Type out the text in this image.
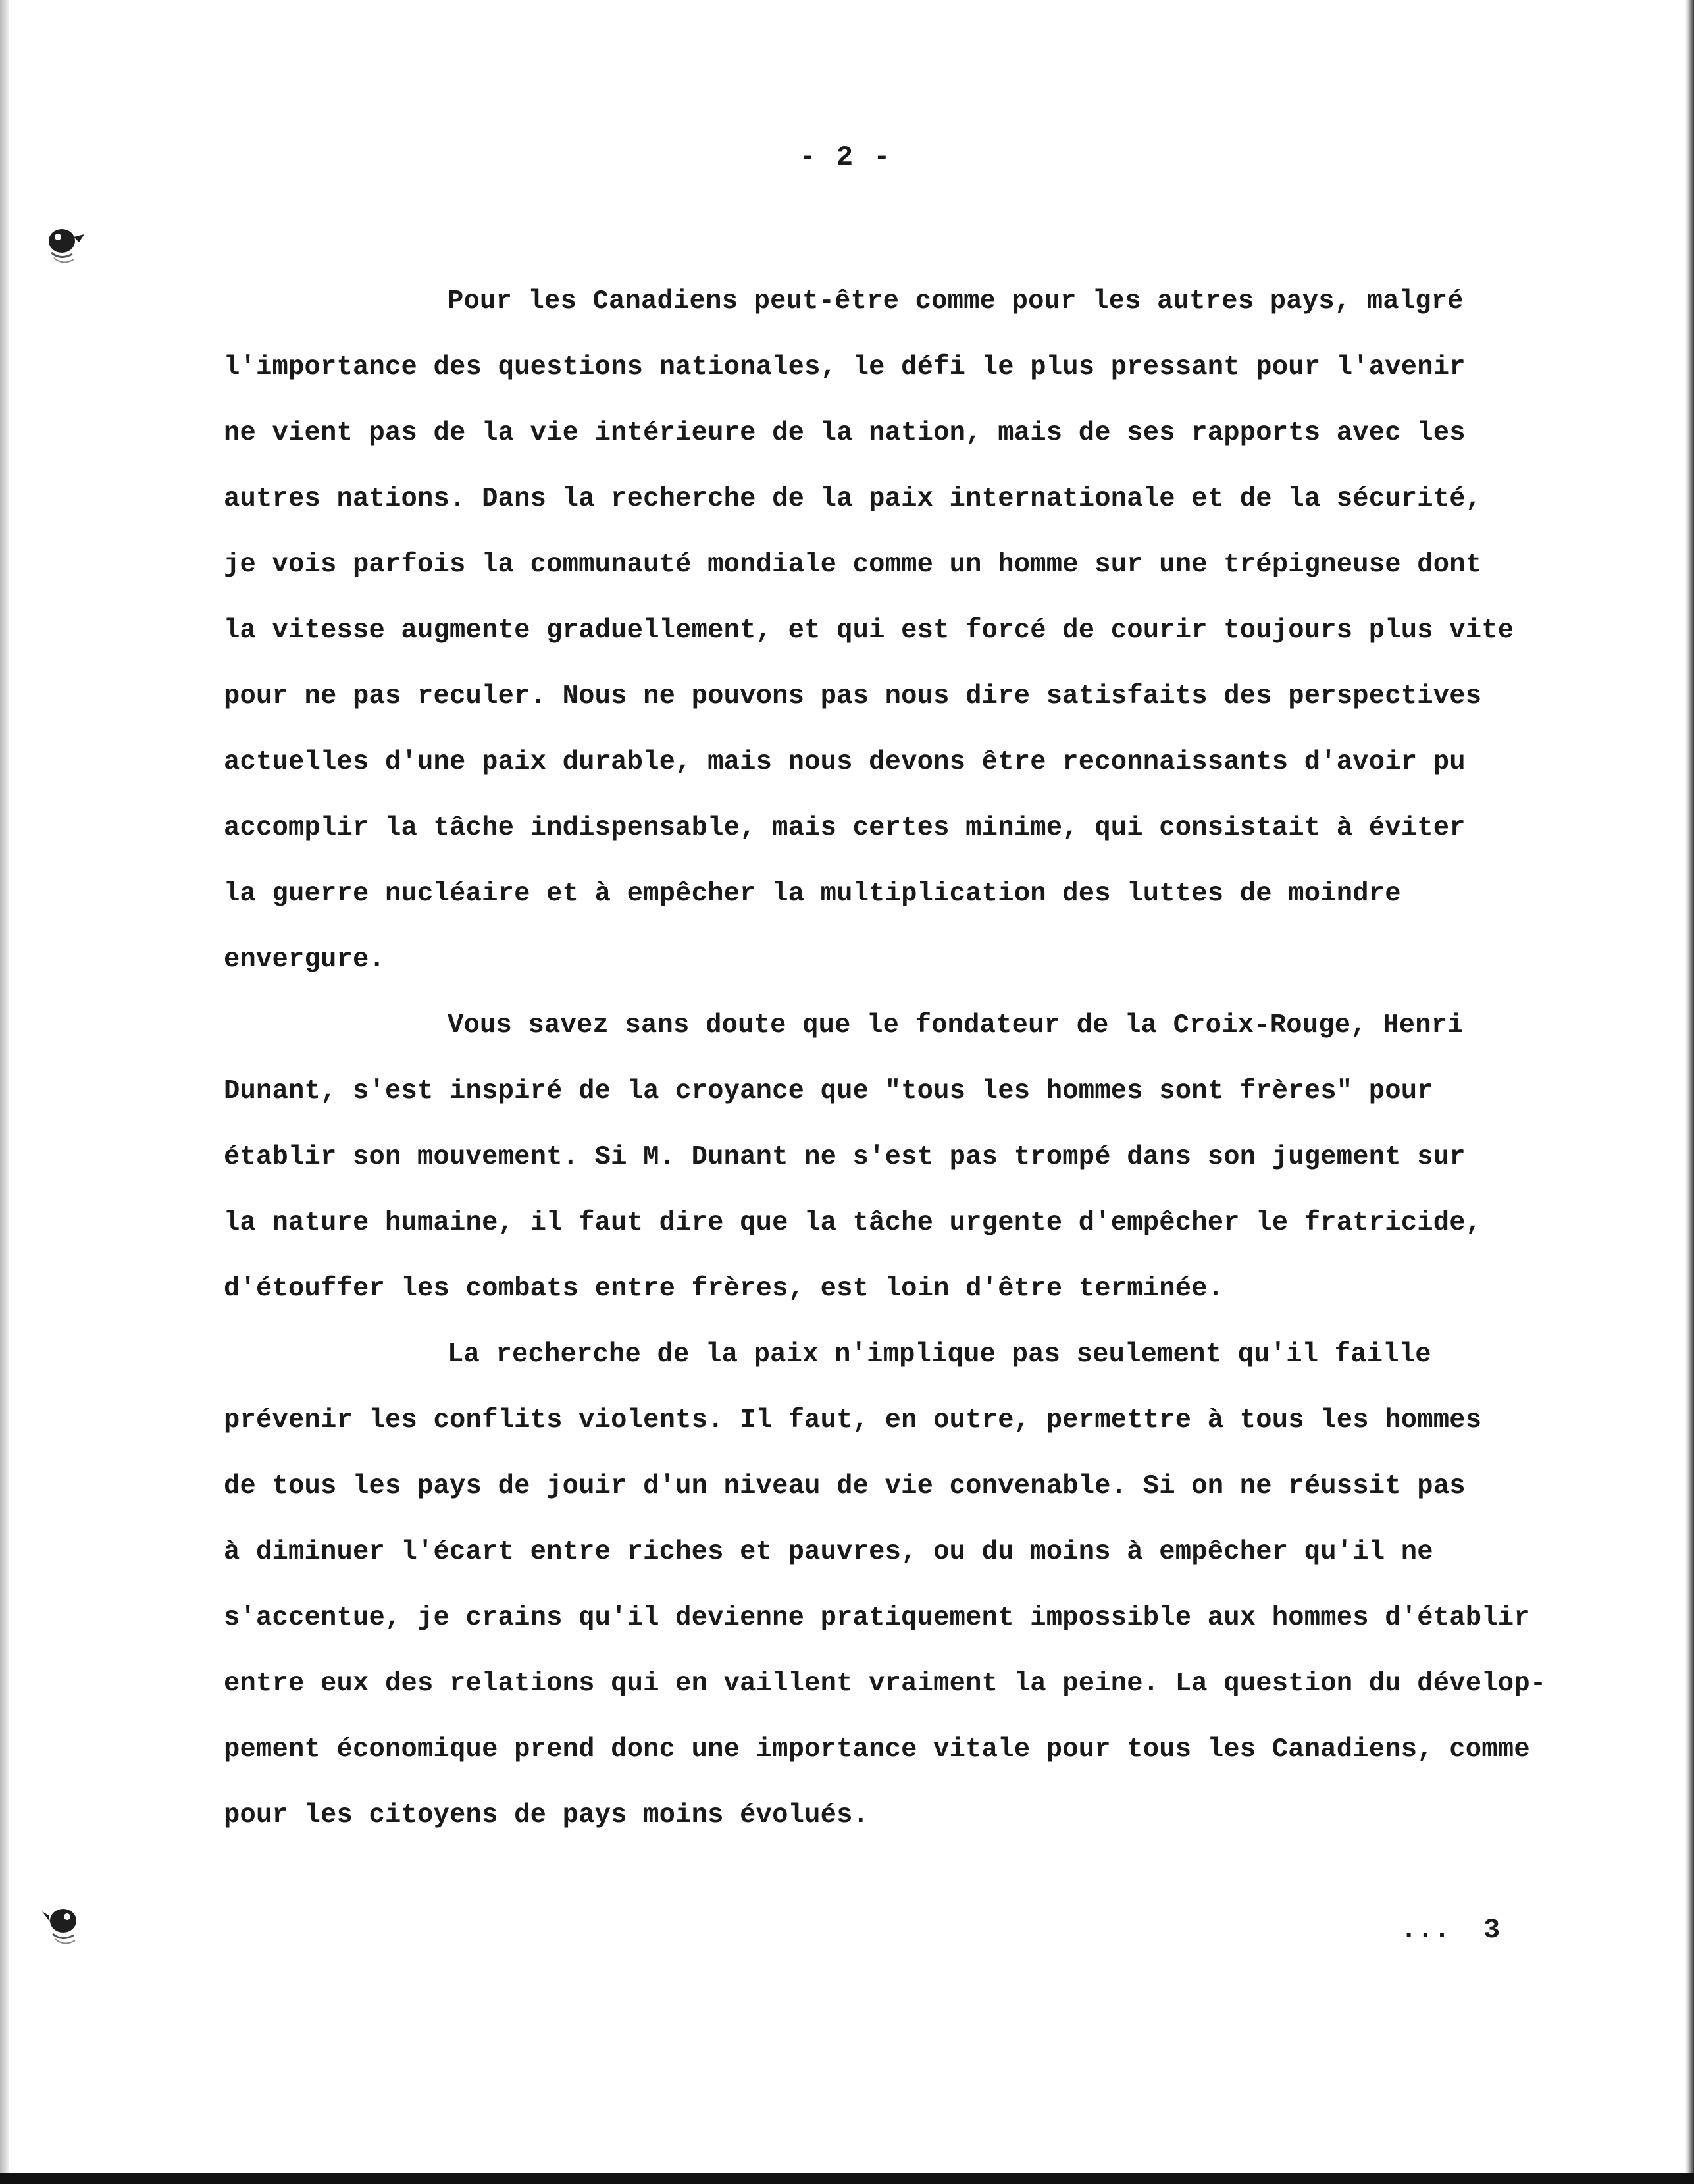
- 2 -
Pour les Canadiens peut-être comme pour les autres pays, malgré
l'importance des questions nationales, le défi le plus pressant pour l'avenir
ne vient pas de la vie intérieure de la nation, mais de ses rapports avec les
autres nations. Dans la recherche de la paix internationale et de la sécurité,
je vois parfois la communauté mondiale comme un homme sur une trépigneuse dont
la vitesse augmente graduellement, et qui est forcé de courir toujours plus vite
pour ne pas reculer. Nous ne pouvons pas nous dire satisfaits des perspectives
actuelles d'une paix durable, mais nous devons être reconnaissants d'avoir pu
accomplir la tâche indispensable, mais certes minime, qui consistait à éviter
la guerre nucléaire et à empêcher la multiplication des luttes de moindre
envergure.
Vous savez sans doute que le fondateur de la Croix-Rouge, Henri
Dunant, s'est inspiré de la croyance que "tous les hommes sont frères" pour
établir son mouvement. Si M. Dunant ne s'est pas trompé dans son jugement sur
la nature humaine, il faut dire que la tâche urgente d'empêcher le fratricide,
d'étouffer les combats entre frères, est loin d'être terminée.
La recherche de la paix n'implique pas seulement qu'il faille
prévenir les conflits violents. Il faut, en outre, permettre à tous les hommes
de tous les pays de jouir d'un niveau de vie convenable. Si on ne réussit pas
à diminuer l'écart entre riches et pauvres, ou du moins à empêcher qu'il ne
s'accentue, je crains qu'il devienne pratiquement impossible aux hommes d'établir
entre eux des relations qui en vaillent vraiment la peine. La question du dévelop-
pement économique prend donc une importance vitale pour tous les Canadiens, comme
pour les citoyens de pays moins évolués.
...  3
